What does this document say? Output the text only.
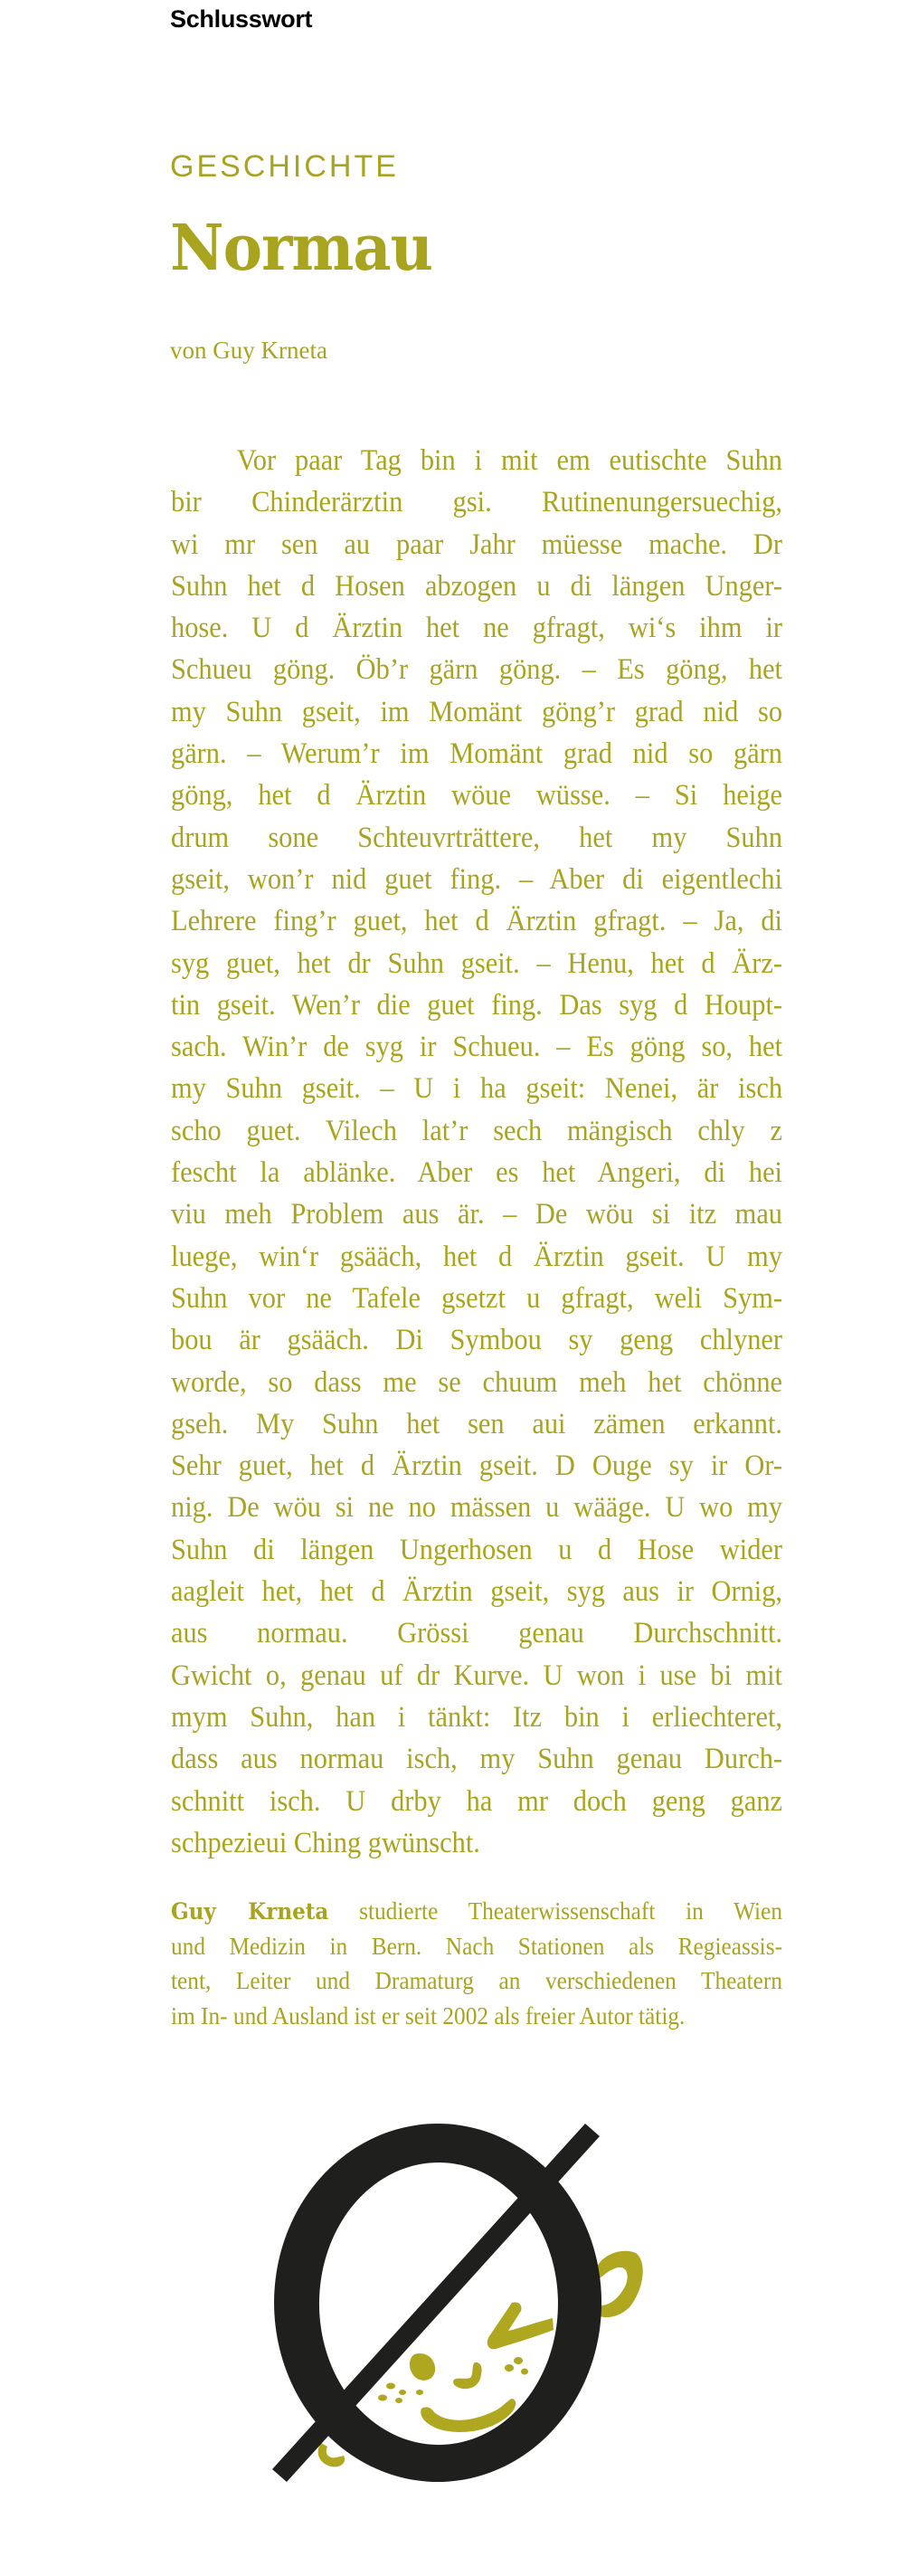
Schlusswort
GESCHICHTE
Normau
von Guy Krneta
Vor paar Tag bin i mit em eutischte Suhn
bir Chinderärztin gsi. Rutinenungersuechig,
wi mr sen au paar Jahr müesse mache. Dr
Suhn het d Hosen abzogen u di längen Unger-
hose. U d Ärztin het ne gfragt, wi‘s ihm ir
Schueu göng. Öb’r gärn göng. – Es göng, het
my Suhn gseit, im Momänt göng’r grad nid so
gärn. – Werum’r im Momänt grad nid so gärn
göng, het d Ärztin wöue wüsse. – Si heige
drum sone Schteuvrträttere, het my Suhn
gseit, won’r nid guet fing. – Aber di eigentlechi
Lehrere fing’r guet, het d Ärztin gfragt. – Ja, di
syg guet, het dr Suhn gseit. – Henu, het d Ärz-
tin gseit. Wen’r die guet fing. Das syg d Houpt-
sach. Win’r de syg ir Schueu. – Es göng so, het
my Suhn gseit. – U i ha gseit: Nenei, är isch
scho guet. Vilech lat’r sech mängisch chly z
fescht la ablänke. Aber es het Angeri, di hei
viu meh Problem aus är. – De wöu si itz mau
luege, win‘r gsääch, het d Ärztin gseit. U my
Suhn vor ne Tafele gsetzt u gfragt, weli Sym-
bou är gsääch. Di Symbou sy geng chlyner
worde, so dass me se chuum meh het chönne
gseh. My Suhn het sen aui zämen erkannt.
Sehr guet, het d Ärztin gseit. D Ouge sy ir Or-
nig. De wöu si ne no mässen u wääge. U wo my
Suhn di längen Ungerhosen u d Hose wider
aagleit het, het d Ärztin gseit, syg aus ir Ornig,
aus normau. Grössi genau Durchschnitt.
Gwicht o, genau uf dr Kurve. U won i use bi mit
mym Suhn, han i tänkt: Itz bin i erliechteret,
dass aus normau isch, my Suhn genau Durch-
schnitt isch. U drby ha mr doch geng ganz
schpezieui Ching gwünscht.
Guy Krneta studierte Theaterwissenschaft in Wien
und Medizin in Bern. Nach Stationen als Regieassis-
tent, Leiter und Dramaturg an verschiedenen Theatern
im In- und Ausland ist er seit 2002 als freier Autor tätig.
